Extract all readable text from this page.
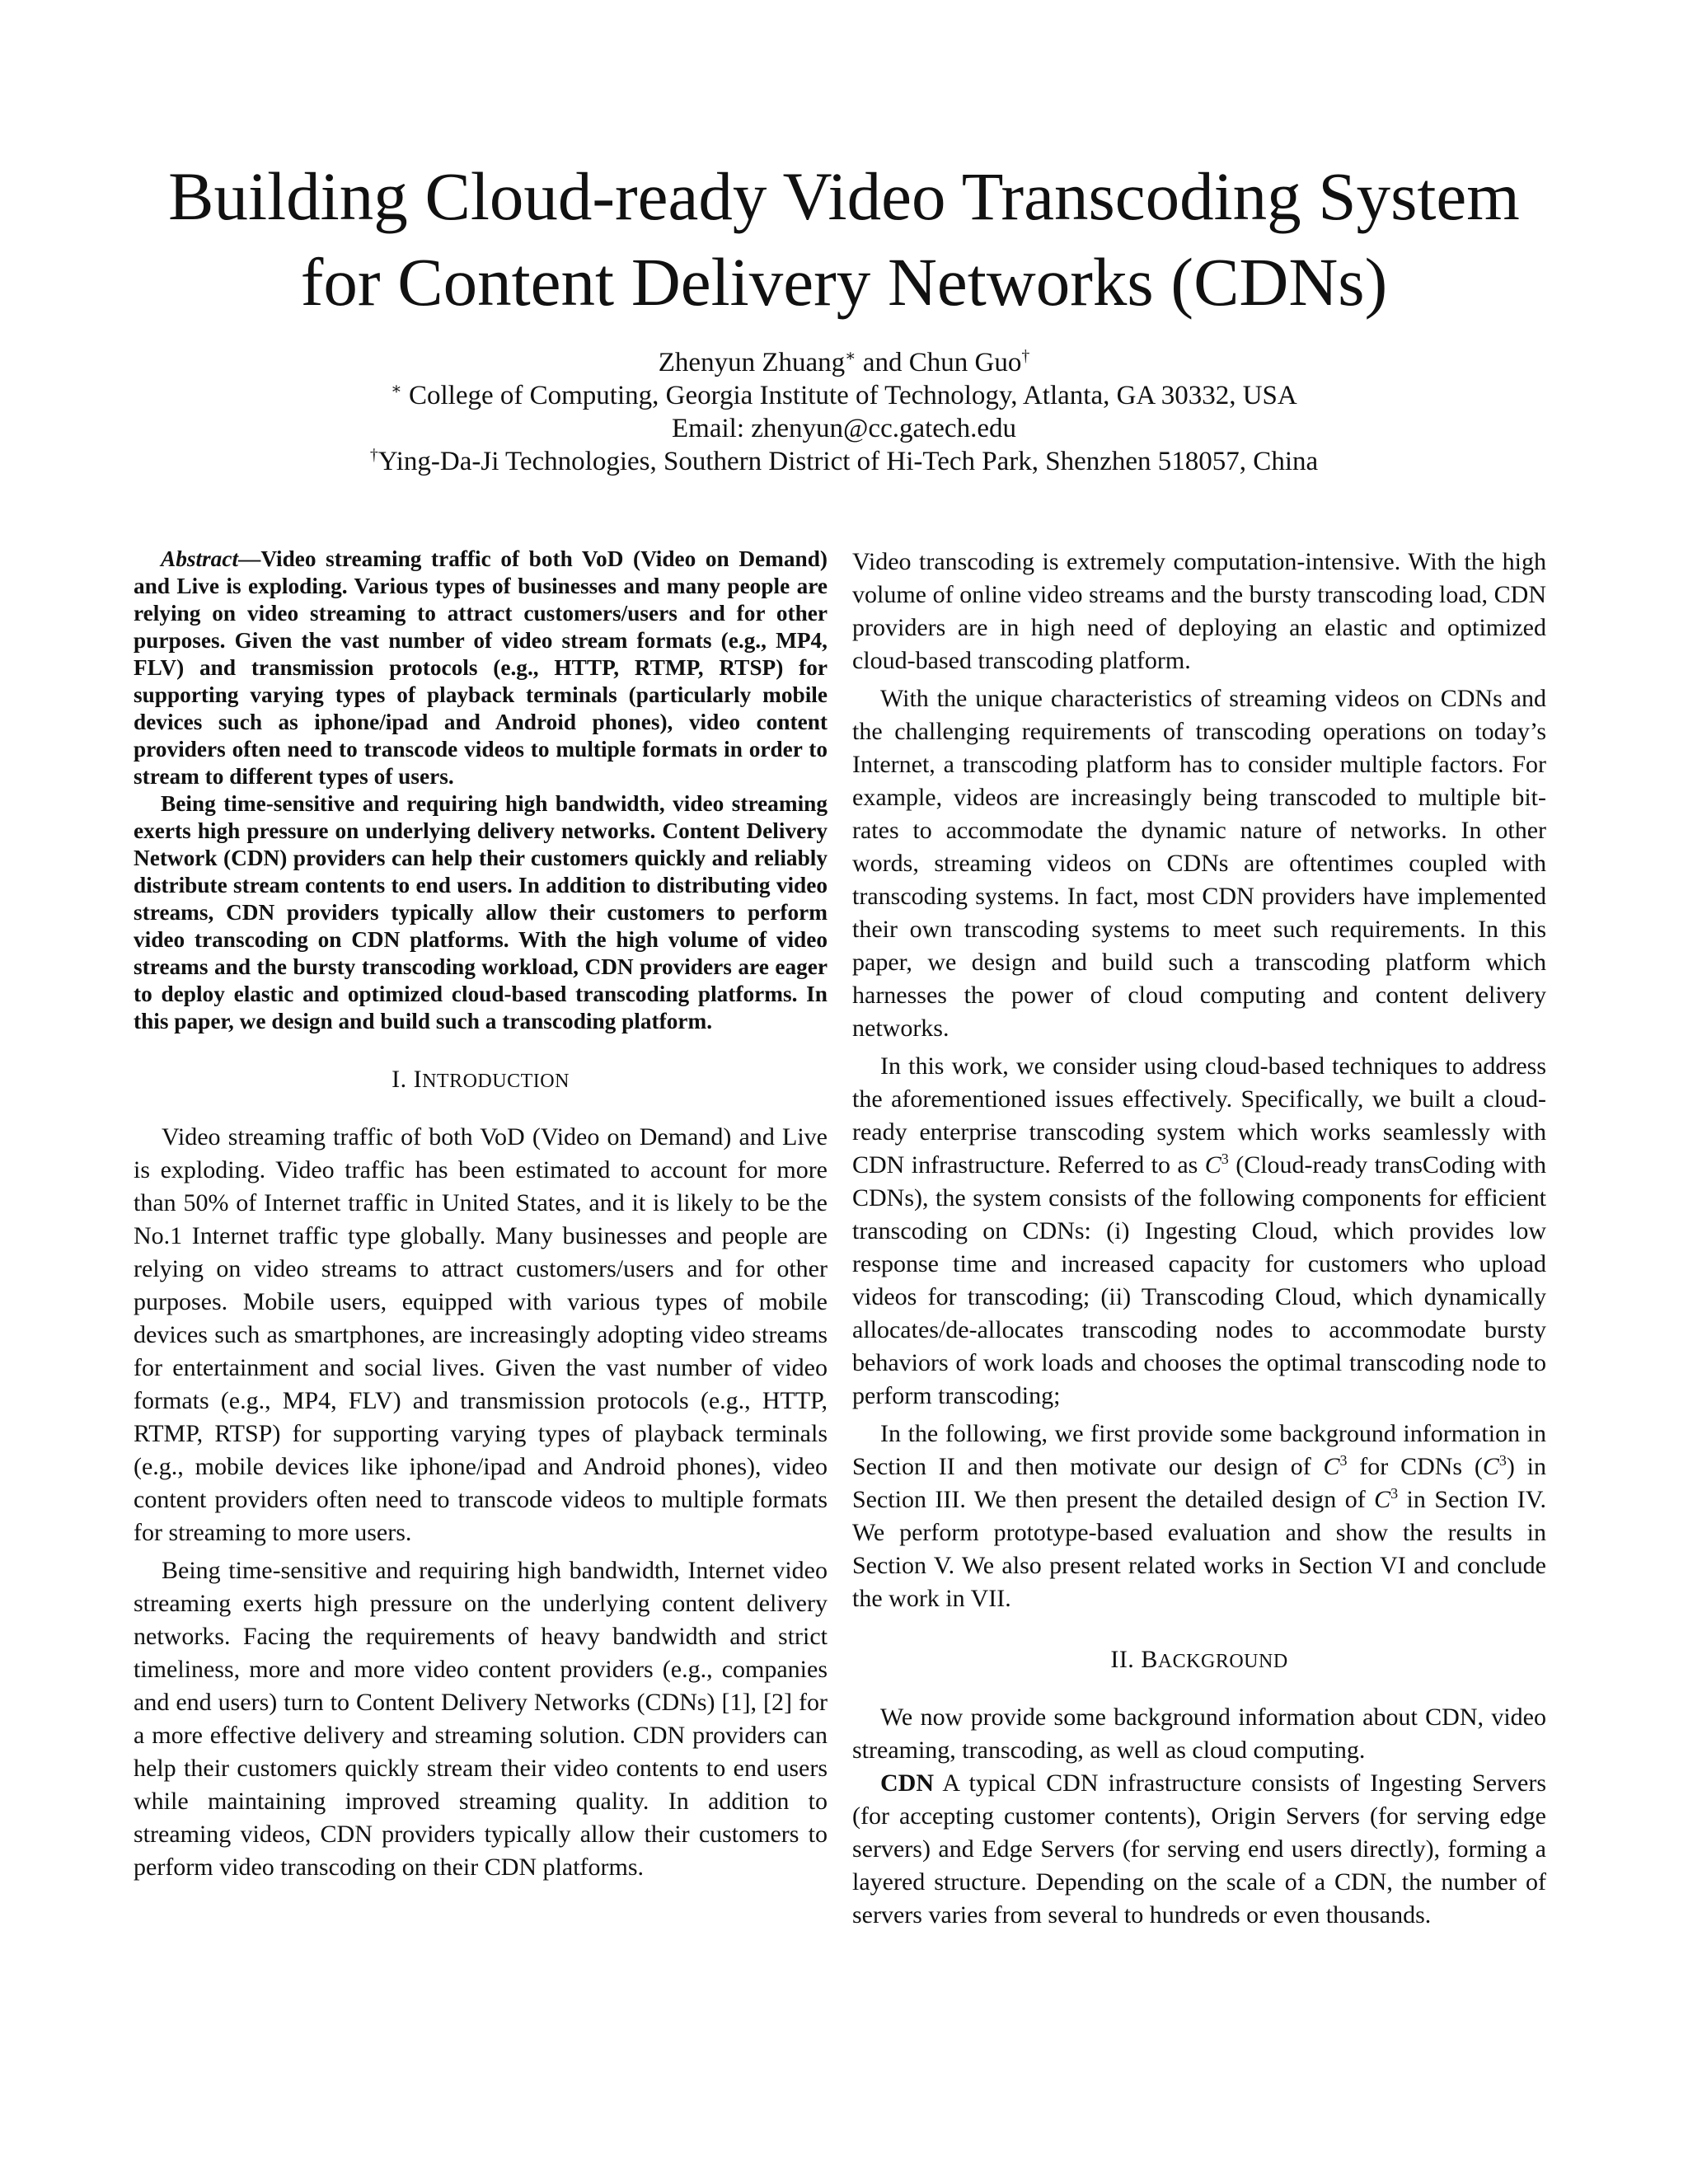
Building Cloud-ready Video Transcoding System
for Content Delivery Networks (CDNs)
Zhenyun Zhuang∗ and Chun Guo†
∗ College of Computing, Georgia Institute of Technology, Atlanta, GA 30332, USA
Email: zhenyun@cc.gatech.edu
†Ying-Da-Ji Technologies, Southern District of Hi-Tech Park, Shenzhen 518057, China

Abstract—Video streaming traffic of both VoD (Video on Demand) and Live is exploding. Various types of businesses and many people are relying on video streaming to attract customers/users and for other purposes. Given the vast number of video stream formats (e.g., MP4, FLV) and transmission protocols (e.g., HTTP, RTMP, RTSP) for supporting varying types of playback terminals (particularly mobile devices such as iphone/ipad and Android phones), video content providers often need to transcode videos to multiple formats in order to stream to different types of users.

Being time-sensitive and requiring high bandwidth, video streaming exerts high pressure on underlying delivery networks. Content Delivery Network (CDN) providers can help their customers quickly and reliably distribute stream contents to end users. In addition to distributing video streams, CDN providers typically allow their customers to perform video transcoding on CDN platforms. With the high volume of video streams and the bursty transcoding workload, CDN providers are eager to deploy elastic and optimized cloud-based transcoding platforms. In this paper, we design and build such a transcoding platform.

I. INTRODUCTION

Video streaming traffic of both VoD (Video on Demand) and Live is exploding. Video traffic has been estimated to account for more than 50% of Internet traffic in United States, and it is likely to be the No.1 Internet traffic type globally. Many businesses and people are relying on video streams to attract customers/users and for other purposes. Mobile users, equipped with various types of mobile devices such as smartphones, are increasingly adopting video streams for entertainment and social lives. Given the vast number of video formats (e.g., MP4, FLV) and transmission protocols (e.g., HTTP, RTMP, RTSP) for supporting varying types of playback terminals (e.g., mobile devices like iphone/ipad and Android phones), video content providers often need to transcode videos to multiple formats for streaming to more users.

Being time-sensitive and requiring high bandwidth, Internet video streaming exerts high pressure on the underlying content delivery networks. Facing the requirements of heavy bandwidth and strict timeliness, more and more video content providers (e.g., companies and end users) turn to Content Delivery Networks (CDNs) [1], [2] for a more effective delivery and streaming solution. CDN providers can help their customers quickly stream their video contents to end users while maintaining improved streaming quality. In addition to streaming videos, CDN providers typically allow their customers to perform video transcoding on their CDN platforms.

Video transcoding is extremely computation-intensive. With the high volume of online video streams and the bursty transcoding load, CDN providers are in high need of deploying an elastic and optimized cloud-based transcoding platform.

With the unique characteristics of streaming videos on CDNs and the challenging requirements of transcoding operations on today’s Internet, a transcoding platform has to consider multiple factors. For example, videos are increasingly being transcoded to multiple bit-rates to accommodate the dynamic nature of networks. In other words, streaming videos on CDNs are oftentimes coupled with transcoding systems. In fact, most CDN providers have implemented their own transcoding systems to meet such requirements. In this paper, we design and build such a transcoding platform which harnesses the power of cloud computing and content delivery networks.

In this work, we consider using cloud-based techniques to address the aforementioned issues effectively. Specifically, we built a cloud-ready enterprise transcoding system which works seamlessly with CDN infrastructure. Referred to as $C^3$ (Cloud-ready transCoding with CDNs), the system consists of the following components for efficient transcoding on CDNs: (i) Ingesting Cloud, which provides low response time and increased capacity for customers who upload videos for transcoding; (ii) Transcoding Cloud, which dynamically allocates/de-allocates transcoding nodes to accommodate bursty behaviors of work loads and chooses the optimal transcoding node to perform transcoding;

In the following, we first provide some background information in Section II and then motivate our design of $C^3$ for CDNs $(C^3)$ in Section III. We then present the detailed design of $C^3$ in Section IV. We perform prototype-based evaluation and show the results in Section V. We also present related works in Section VI and conclude the work in VII.

II. BACKGROUND

We now provide some background information about CDN, video streaming, transcoding, as well as cloud computing.

CDN A typical CDN infrastructure consists of Ingesting Servers (for accepting customer contents), Origin Servers (for serving edge servers) and Edge Servers (for serving end users directly), forming a layered structure. Depending on the scale of a CDN, the number of servers varies from several to hundreds or even thousands.
